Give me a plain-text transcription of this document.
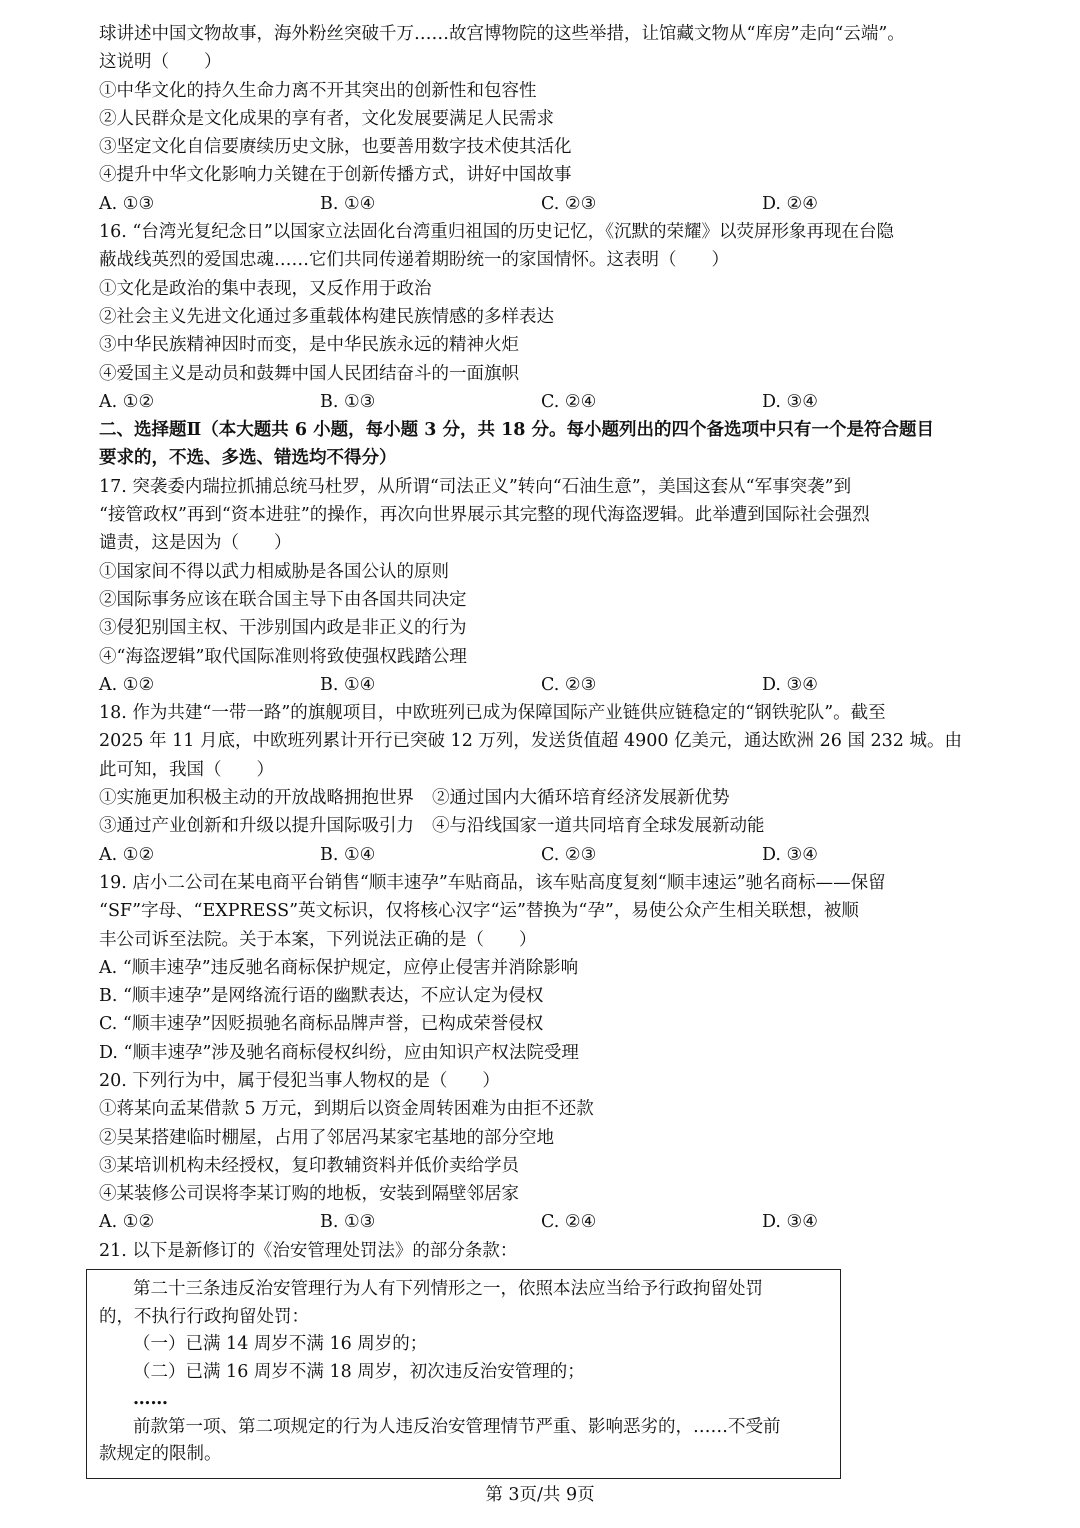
球讲述中国文物故事，海外粉丝突破千万……故宫博物院的这些举措，让馆藏文物从“库房”走向“云端”。
这说明（　　）
①中华文化的持久生命力离不开其突出的创新性和包容性
②人民群众是文化成果的享有者，文化发展要满足人民需求
③坚定文化自信要赓续历史文脉，也要善用数字技术使其活化
④提升中华文化影响力关键在于创新传播方式，讲好中国故事
A. ①③	B. ①④	C. ②③	D. ②④
16. “台湾光复纪念日”以国家立法固化台湾重归祖国的历史记忆，《沉默的荣耀》以荧屏形象再现在台隐
蔽战线英烈的爱国忠魂……它们共同传递着期盼统一的家国情怀。这表明（　　）
①文化是政治的集中表现，又反作用于政治
②社会主义先进文化通过多重载体构建民族情感的多样表达
③中华民族精神因时而变，是中华民族永远的精神火炬
④爱国主义是动员和鼓舞中国人民团结奋斗的一面旗帜
A. ①②	B. ①③	C. ②④	D. ③④
二、选择题Ⅱ（本大题共 6 小题，每小题 3 分，共 18 分。每小题列出的四个备选项中只有一个是符合题目
要求的，不选、多选、错选均不得分）
17. 突袭委内瑞拉抓捕总统马杜罗，从所谓“司法正义”转向“石油生意”，美国这套从“军事突袭”到
“接管政权”再到“资本进驻”的操作，再次向世界展示其完整的现代海盗逻辑。此举遭到国际社会强烈
谴责，这是因为（　　）
①国家间不得以武力相威胁是各国公认的原则
②国际事务应该在联合国主导下由各国共同决定
③侵犯别国主权、干涉别国内政是非正义的行为
④“海盗逻辑”取代国际准则将致使强权践踏公理
A. ①②	B. ①④	C. ②③	D. ③④
18. 作为共建“一带一路”的旗舰项目，中欧班列已成为保障国际产业链供应链稳定的“钢铁驼队”。截至
2025 年 11 月底，中欧班列累计开行已突破 12 万列，发送货值超 4900 亿美元，通达欧洲 26 国 232 城。由
此可知，我国（　　）
①实施更加积极主动的开放战略拥抱世界 ②通过国内大循环培育经济发展新优势
③通过产业创新和升级以提升国际吸引力 ④与沿线国家一道共同培育全球发展新动能
A. ①②	B. ①④	C. ②③	D. ③④
19. 店小二公司在某电商平台销售“顺丰速孕”车贴商品，该车贴高度复刻“顺丰速运”驰名商标——保留
“SF”字母、“EXPRESS”英文标识，仅将核心汉字“运”替换为“孕”，易使公众产生相关联想，被顺
丰公司诉至法院。关于本案，下列说法正确的是（　　）
A. “顺丰速孕”违反驰名商标保护规定，应停止侵害并消除影响
B. “顺丰速孕”是网络流行语的幽默表达，不应认定为侵权
C. “顺丰速孕”因贬损驰名商标品牌声誉，已构成荣誉侵权
D. “顺丰速孕”涉及驰名商标侵权纠纷，应由知识产权法院受理
20. 下列行为中，属于侵犯当事人物权的是（　　）
①蒋某向孟某借款 5 万元，到期后以资金周转困难为由拒不还款
②吴某搭建临时棚屋，占用了邻居冯某家宅基地的部分空地
③某培训机构未经授权，复印教辅资料并低价卖给学员
④某装修公司误将李某订购的地板，安装到隔壁邻居家
A. ①②	B. ①③	C. ②④	D. ③④
21. 以下是新修订的《治安管理处罚法》的部分条款：
第二十三条违反治安管理行为人有下列情形之一，依照本法应当给予行政拘留处罚
的，不执行行政拘留处罚：
（一）已满 14 周岁不满 16 周岁的；
（二）已满 16 周岁不满 18 周岁，初次违反治安管理的；
……
前款第一项、第二项规定的行为人违反治安管理情节严重、影响恶劣的，……不受前
款规定的限制。
第 3页/共 9页
